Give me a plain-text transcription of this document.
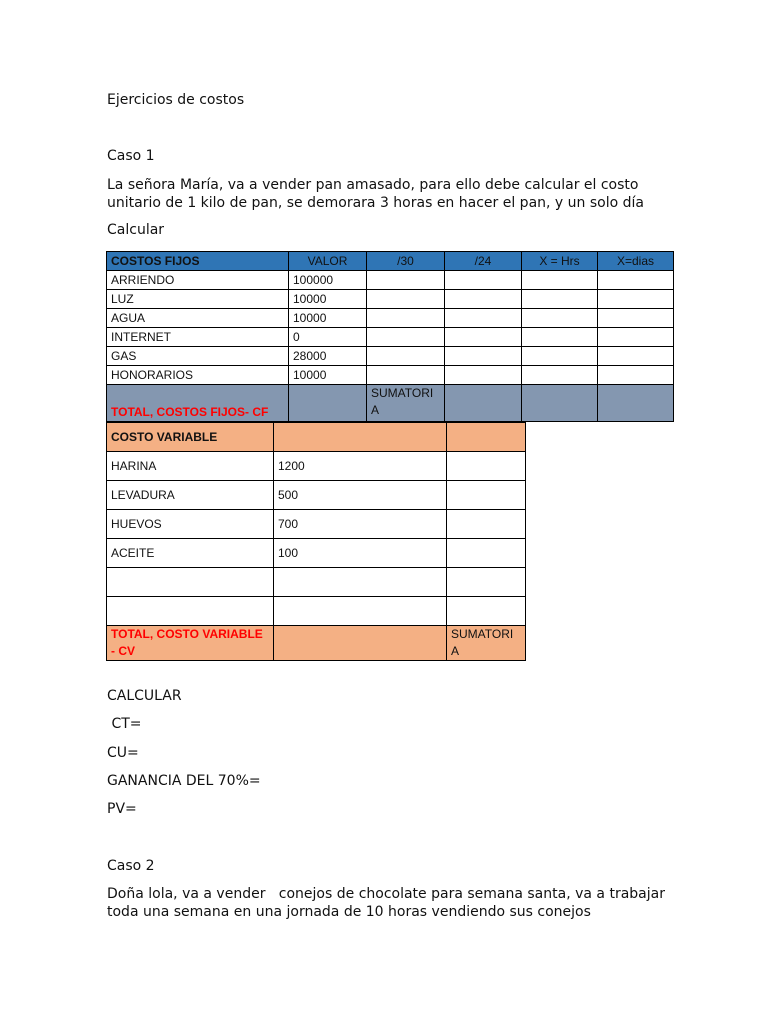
Ejercicios de costos
Caso 1
La señora María, va a vender pan amasado, para ello debe calcular el costo unitario de 1 kilo de pan, se demorara 3 horas en hacer el pan, y un solo día
Calcular
COSTOS FIJOS	VALOR	/30	/24	X = Hrs	X=dias
ARRIENDO	100000				
LUZ	10000				
AGUA	10000				
INTERNET	0				
GAS	28000				
HONORARIOS	10000				
TOTAL, COSTOS FIJOS- CF		SUMATORIA			
COSTO VARIABLE		
HARINA	1200	
LEVADURA	500	
HUEVOS	700	
ACEITE	100	

TOTAL, COSTO VARIABLE - CV		SUMATORIA
CALCULAR
CT=
CU=
GANANCIA DEL 70%=
PV=
Caso 2
Doña lola, va a vender   conejos de chocolate para semana santa, va a trabajar toda una semana en una jornada de 10 horas vendiendo sus conejos
